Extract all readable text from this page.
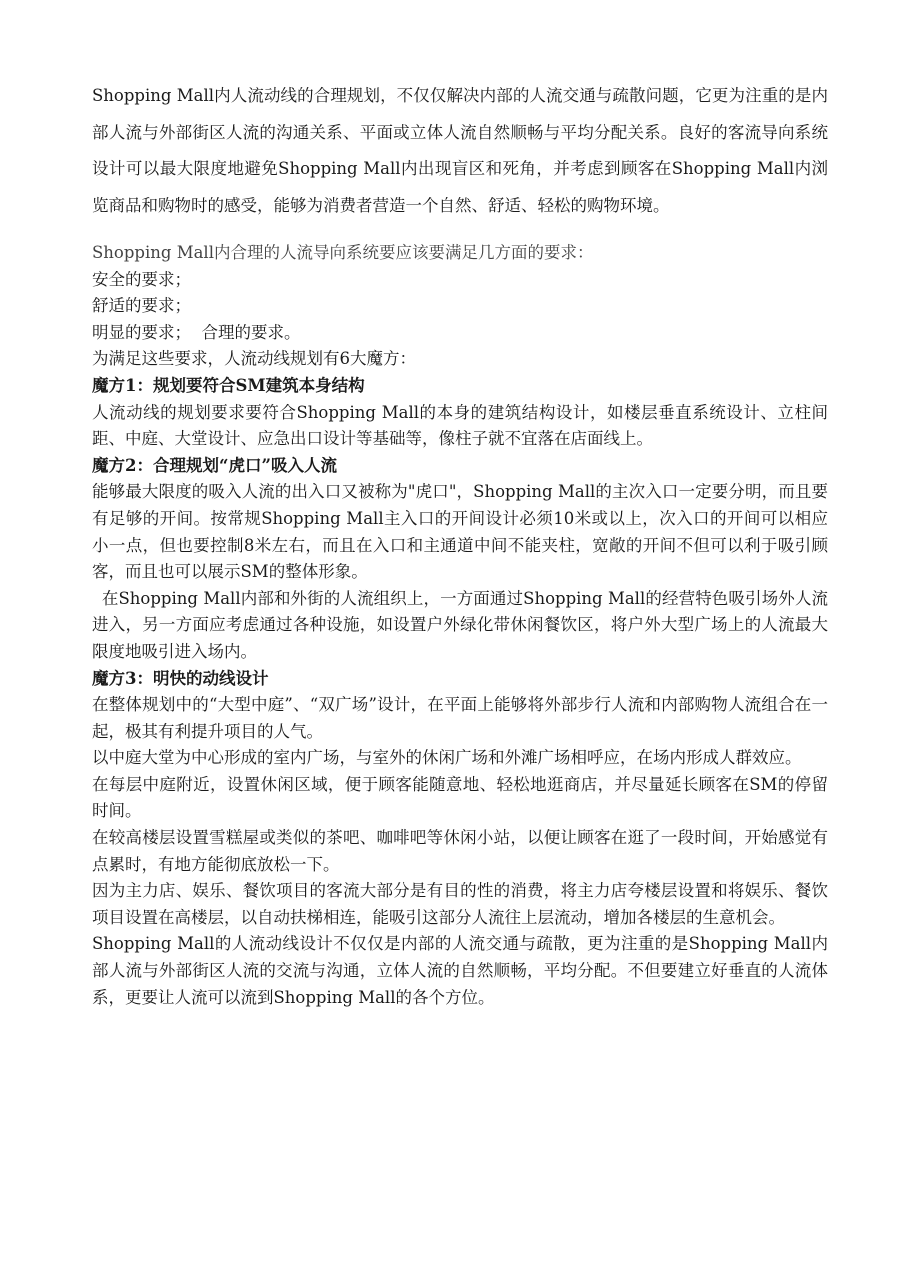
Shopping Mall内人流动线的合理规划，不仅仅解决内部的人流交通与疏散问题，它更为注重的是内部人流与外部街区人流的沟通关系、平面或立体人流自然顺畅与平均分配关系。良好的客流导向系统设计可以最大限度地避免Shopping Mall内出现盲区和死角，并考虑到顾客在Shopping Mall内浏览商品和购物时的感受，能够为消费者营造一个自然、舒适、轻松的购物环境。

Shopping Mall内合理的人流导向系统要应该要满足几方面的要求：

安全的要求；

舒适的要求；

明显的要求；  合理的要求。

为满足这些要求，人流动线规划有6大魔方：

魔方1：规划要符合SM建筑本身结构

人流动线的规划要求要符合Shopping Mall的本身的建筑结构设计，如楼层垂直系统设计、立柱间距、中庭、大堂设计、应急出口设计等基础等，像柱子就不宜落在店面线上。

魔方2：合理规划“虎口”吸入人流

能够最大限度的吸入人流的出入口又被称为"虎口"，Shopping Mall的主次入口一定要分明，而且要有足够的开间。按常规Shopping Mall主入口的开间设计必须10米或以上，次入口的开间可以相应小一点，但也要控制8米左右，而且在入口和主通道中间不能夹柱，宽敞的开间不但可以利于吸引顾客，而且也可以展示SM的整体形象。

在Shopping Mall内部和外街的人流组织上，一方面通过Shopping Mall的经营特色吸引场外人流进入，另一方面应考虑通过各种设施，如设置户外绿化带休闲餐饮区，将户外大型广场上的人流最大限度地吸引进入场内。

魔方3：明快的动线设计

在整体规划中的“大型中庭”、“双广场”设计，在平面上能够将外部步行人流和内部购物人流组合在一起，极其有利提升项目的人气。

以中庭大堂为中心形成的室内广场，与室外的休闲广场和外滩广场相呼应，在场内形成人群效应。

在每层中庭附近，设置休闲区域，便于顾客能随意地、轻松地逛商店，并尽量延长顾客在SM的停留时间。

在较高楼层设置雪糕屋或类似的茶吧、咖啡吧等休闲小站，以便让顾客在逛了一段时间，开始感觉有点累时，有地方能彻底放松一下。

因为主力店、娱乐、餐饮项目的客流大部分是有目的性的消费，将主力店夸楼层设置和将娱乐、餐饮项目设置在高楼层，以自动扶梯相连，能吸引这部分人流往上层流动，增加各楼层的生意机会。

Shopping Mall的人流动线设计不仅仅是内部的人流交通与疏散，更为注重的是Shopping Mall内部人流与外部街区人流的交流与沟通，立体人流的自然顺畅，平均分配。不但要建立好垂直的人流体系，更要让人流可以流到Shopping Mall的各个方位。
